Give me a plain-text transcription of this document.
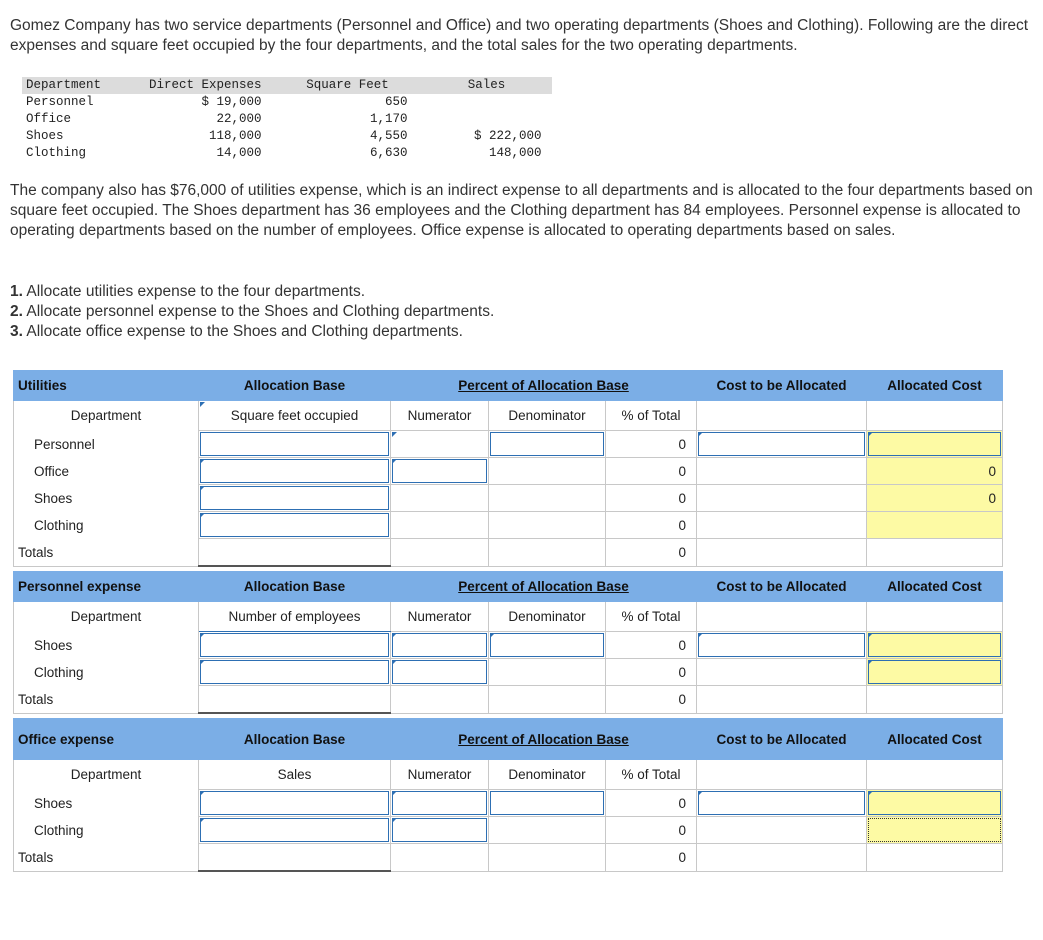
Gomez Company has two service departments (Personnel and Office) and two operating departments (Shoes and Clothing). Following are the direct expenses and square feet occupied by the four departments, and the total sales for the two operating departments.
Department	Direct Expenses	Square Feet	Sales
Personnel	$ 19,000	650	
Office	22,000	1,170	
Shoes	118,000	4,550	$ 222,000
Clothing	14,000	6,630	148,000
The company also has $76,000 of utilities expense, which is an indirect expense to all departments and is allocated to the four departments based on square feet occupied. The Shoes department has 36 employees and the Clothing department has 84 employees. Personnel expense is allocated to operating departments based on the number of employees. Office expense is allocated to operating departments based on sales.
1. Allocate utilities expense to the four departments.
2. Allocate personnel expense to the Shoes and Clothing departments.
3. Allocate office expense to the Shoes and Clothing departments.
Utilities	Allocation Base	Percent of Allocation Base			Cost to be Allocated	Allocated Cost
Department	Square feet occupied	Numerator	Denominator	% of Total		
Personnel				0	

Office				0		0
Shoes				0		0
Clothing				0		
Totals				0		
Personnel expense	Allocation Base	Percent of Allocation Base			Cost to be Allocated	Allocated Cost
Department	Number of employees	Numerator	Denominator	% of Total		
Shoes				0	

Clothing				0		

Totals				0		
Office expense	Allocation Base	Percent of Allocation Base			Cost to be Allocated	Allocated Cost
Department	Sales	Numerator	Denominator	% of Total		
Shoes				0	

Clothing				0		

Totals				0		
